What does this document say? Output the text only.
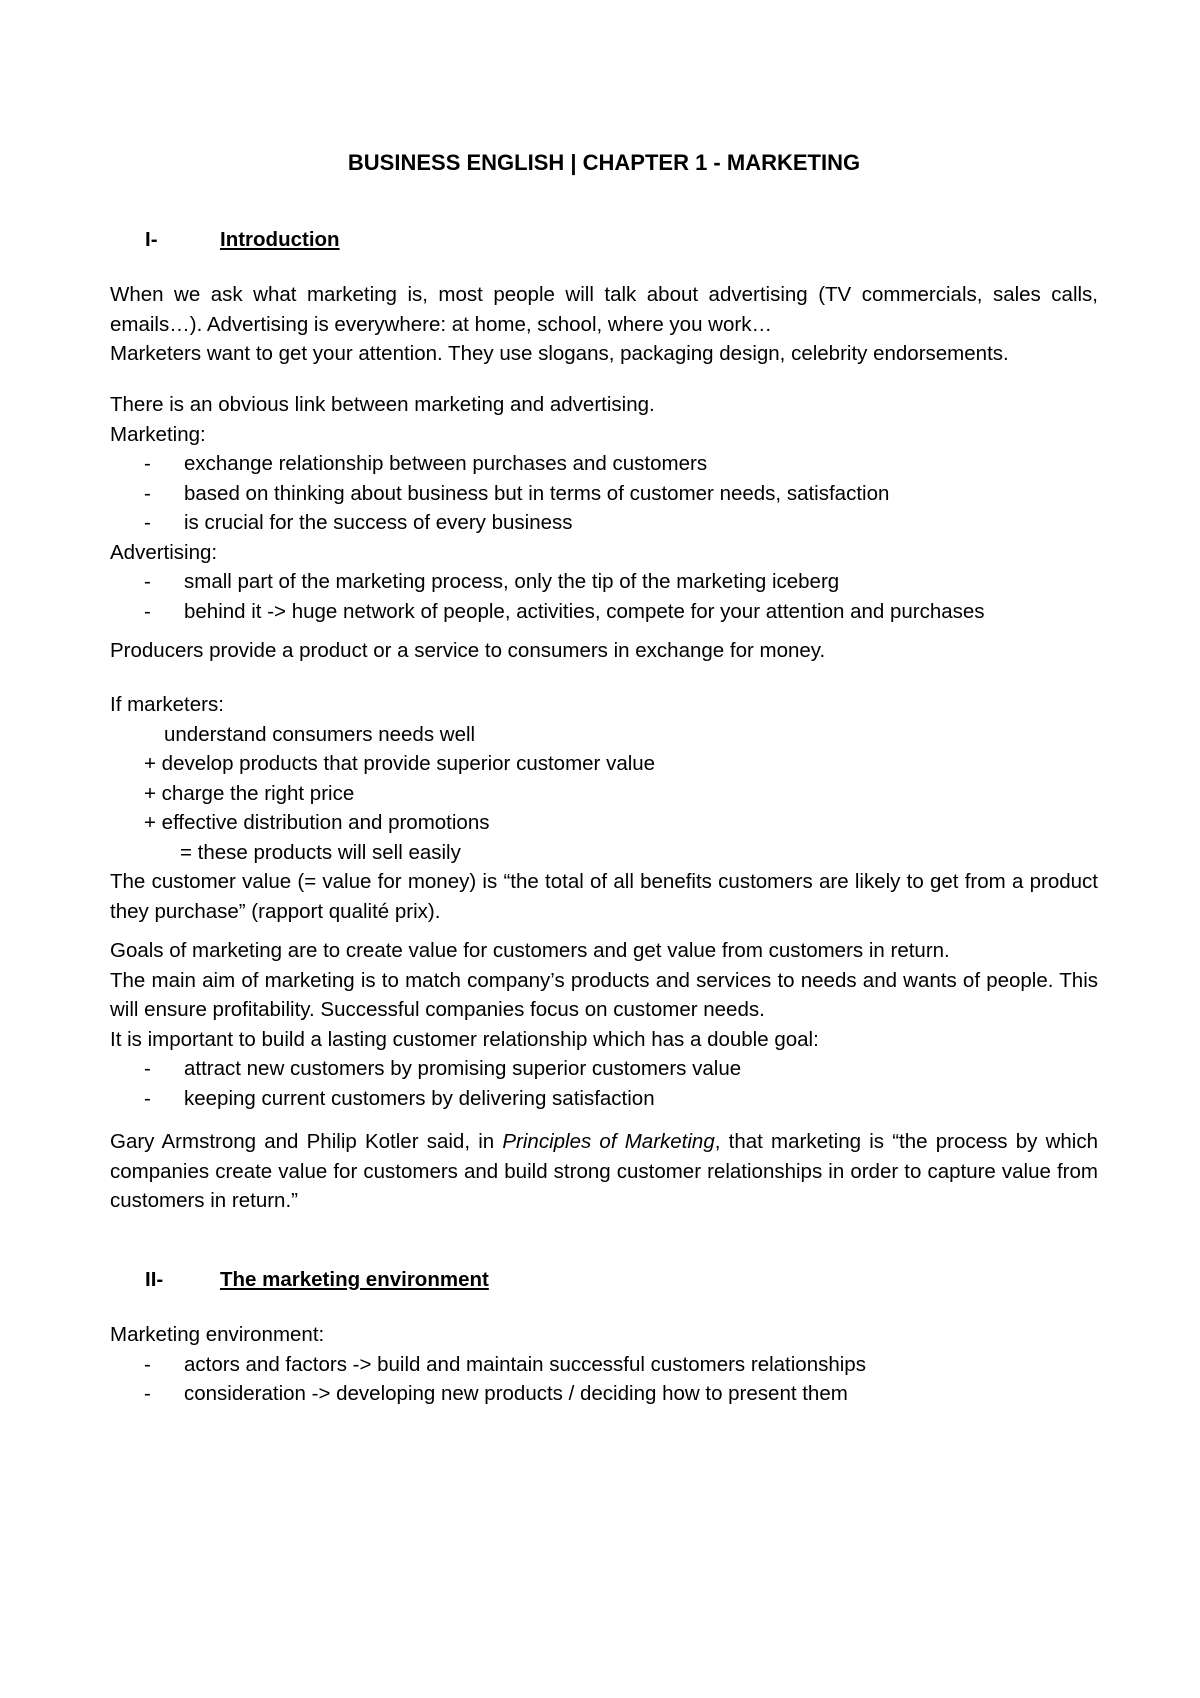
BUSINESS ENGLISH | CHAPTER 1 - MARKETING
I-	Introduction

When we ask what marketing is, most people will talk about advertising (TV commercials, sales calls, emails…). Advertising is everywhere: at home, school, where you work…

Marketers want to get your attention. They use slogans, packaging design, celebrity endorsements.

There is an obvious link between marketing and advertising.

Marketing:

- exchange relationship between purchases and customers
- based on thinking about business but in terms of customer needs, satisfaction
- is crucial for the success of every business

Advertising:

- small part of the marketing process, only the tip of the marketing iceberg
- behind it -> huge network of people, activities, compete for your attention and purchases

Producers provide a product or a service to consumers in exchange for money.

If marketers:

understand consumers needs well

+ develop products that provide superior customer value

+ charge the right price

+ effective distribution and promotions

= these products will sell easily

The customer value (= value for money) is “the total of all benefits customers are likely to get from a product they purchase” (rapport qualité prix).

Goals of marketing are to create value for customers and get value from customers in return.

The main aim of marketing is to match company’s products and services to needs and wants of people. This will ensure profitability. Successful companies focus on customer needs.

It is important to build a lasting customer relationship which has a double goal:

- attract new customers by promising superior customers value
- keeping current customers by delivering satisfaction

Gary Armstrong and Philip Kotler said, in Principles of Marketing, that marketing is “the process by which companies create value for customers and build strong customer relationships in order to capture value from customers in return.”

II-	The marketing environment

Marketing environment:

- actors and factors -> build and maintain successful customers relationships
- consideration -> developing new products / deciding how to present them
